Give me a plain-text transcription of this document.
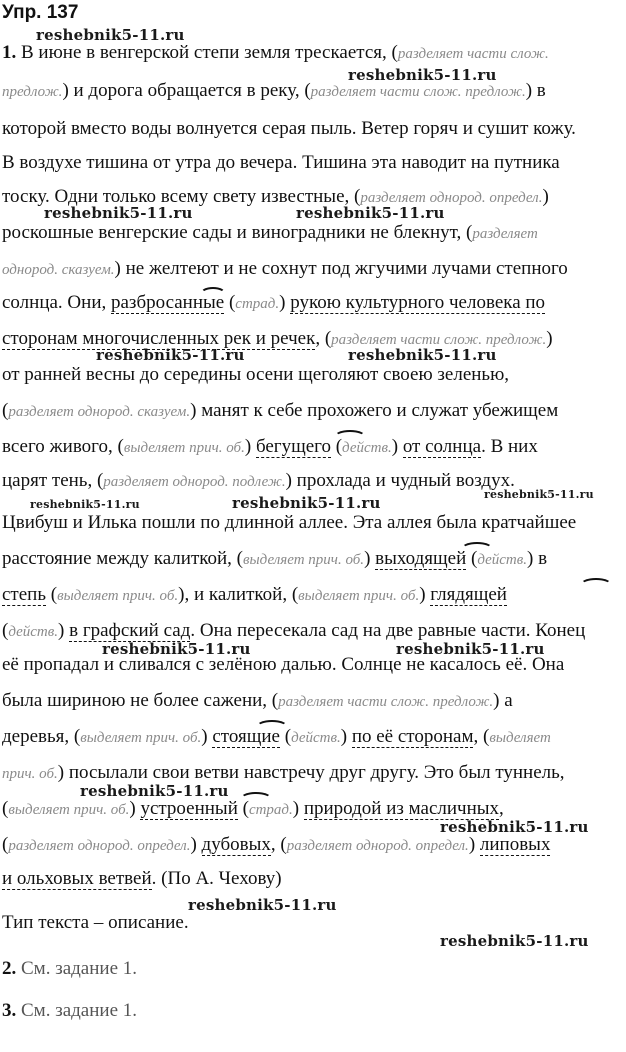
Упр. 137
1. В июне в венгерской степи земля трескается, (разделяет части слож.
предлож.) и дорога обращается в реку, (разделяет части слож. предлож.) в
которой вместо воды волнуется серая пыль. Ветер горяч и сушит кожу.
В воздухе тишина от утра до вечера. Тишина эта наводит на путника
тоску. Одни только всему свету известные, (разделяет однород. определ.)
роскошные венгерские сады и виноградники не блекнут, (разделяет
однород. сказуем.) не желтеют и не сохнут под жгучими лучами степного
солнца. Они, разбросанные (страд.) рукою культурного человека по
сторонам многочисленных рек и речек, (разделяет части слож. предлож.)
от ранней весны до середины осени щеголяют своею зеленью,
(разделяет однород. сказуем.) манят к себе прохожего и служат убежищем
всего живого, (выделяет прич. об.) бегущего (действ.) от солнца. В них
царят тень, (разделяет однород. подлеж.) прохлада и чудный воздух.
Цвибуш и Илька пошли по длинной аллее. Эта аллея была кратчайшее
расстояние между калиткой, (выделяет прич. об.) выходящей (действ.) в
степь (выделяет прич. об.), и калиткой, (выделяет прич. об.) глядящей
(действ.) в графский сад. Она пересекала сад на две равные части. Конец
её пропадал и сливался с зелёною далью. Солнце не касалось её. Она
была шириною не более сажени, (разделяет части слож. предлож.) а
деревья, (выделяет прич. об.) стоящие (действ.) по её сторонам, (выделяет
прич. об.) посылали свои ветви навстречу друг другу. Это был туннель,
(выделяет прич. об.) устроенный (страд.) природой из масличных,
(разделяет однород. определ.) дубовых, (разделяет однород. определ.) липовых
и ольховых ветвей. (По А. Чехову)
Тип текста – описание.
2. См. задание 1.
3. См. задание 1.
reshebnik5-11.ru
reshebnik5-11.ru
reshebnik5-11.ru	reshebnik5-11.ru
reshebnik5-11.ru	reshebnik5-11.ru
reshebnik5-11.ru	reshebnik5-11.ru	reshebnik5-11.ru
reshebnik5-11.ru	reshebnik5-11.ru
reshebnik5-11.ru
reshebnik5-11.ru
reshebnik5-11.ru
reshebnik5-11.ru
